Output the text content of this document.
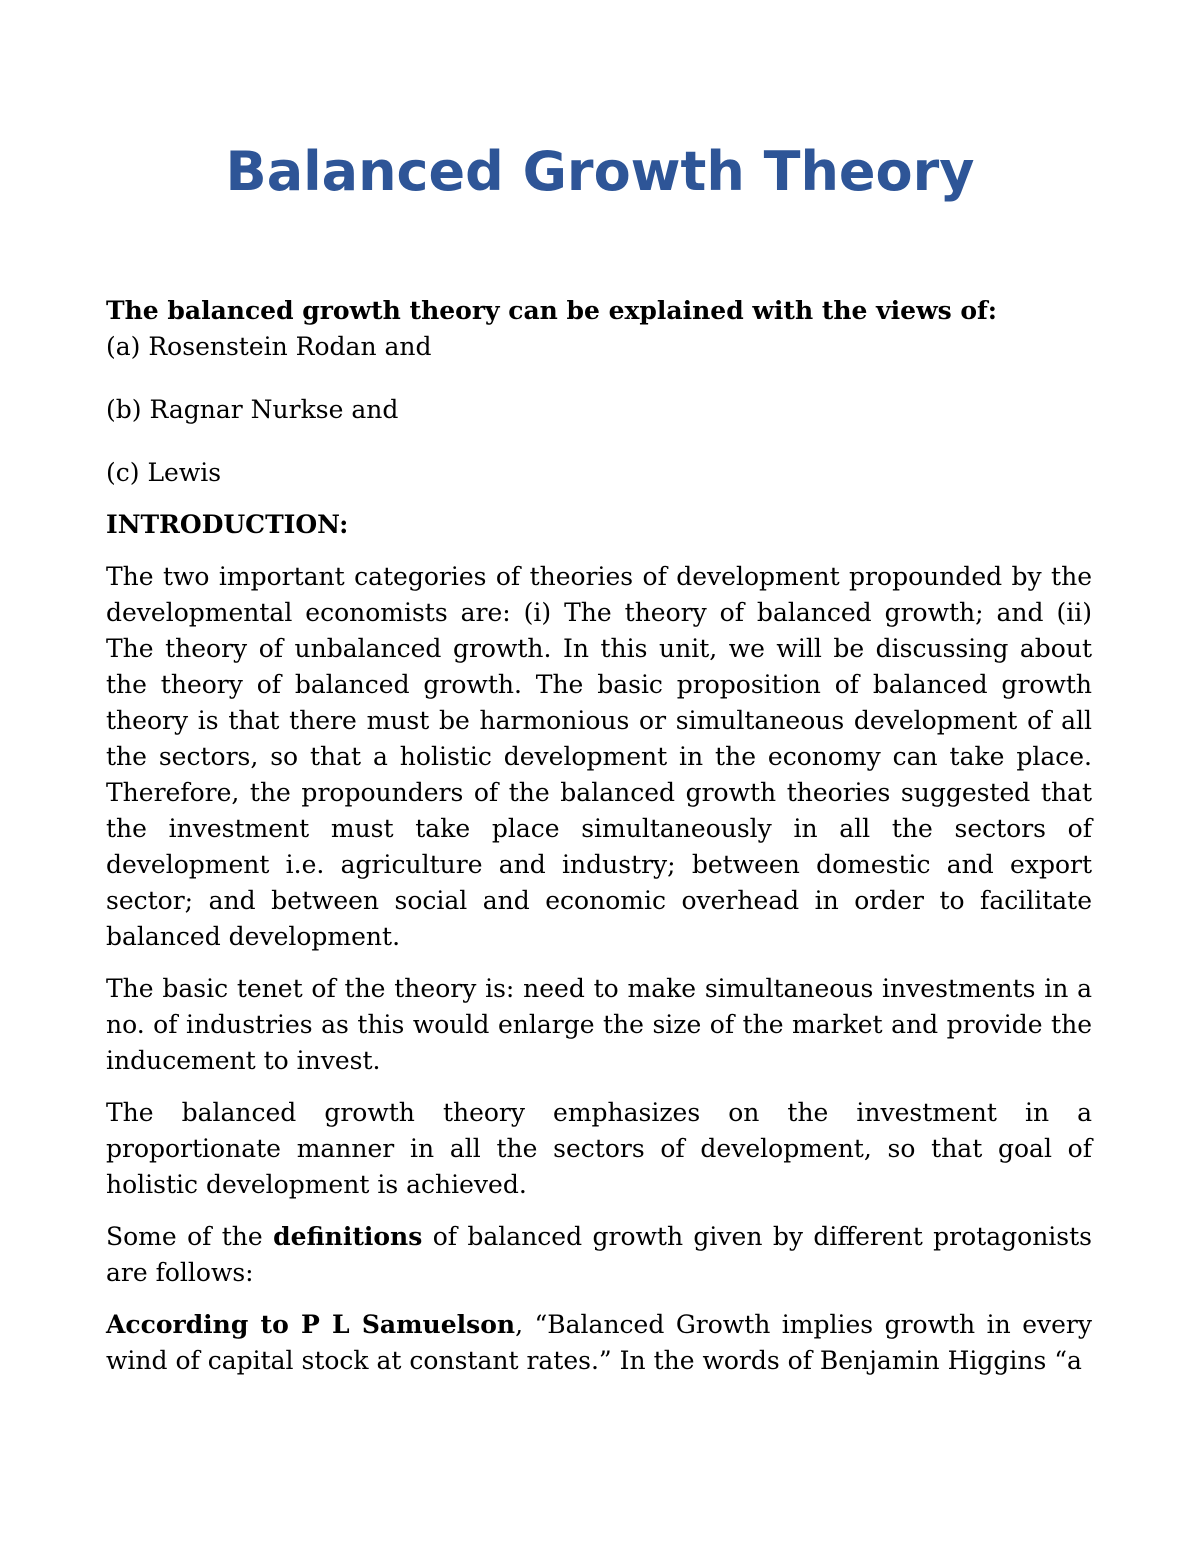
Balanced Growth Theory

The balanced growth theory can be explained with the views of:

(a) Rosenstein Rodan and

(b) Ragnar Nurkse and

(c) Lewis

INTRODUCTION:

The two important categories of theories of development propounded by the developmental economists are: (i) The theory of balanced growth; and (ii) The theory of unbalanced growth. In this unit, we will be discussing about the theory of balanced growth. The basic proposition of balanced growth theory is that there must be harmonious or simultaneous development of all the sectors, so that a holistic development in the economy can take place. Therefore, the propounders of the balanced growth theories suggested that the investment must take place simultaneously in all the sectors of development i.e. agriculture and industry; between domestic and export sector; and between social and economic overhead in order to facilitate balanced development.

The basic tenet of the theory is: need to make simultaneous investments in a no. of industries as this would enlarge the size of the market and provide the inducement to invest.

The balanced growth theory emphasizes on the investment in a proportionate manner in all the sectors of development, so that goal of holistic development is achieved.

Some of the definitions of balanced growth given by different protagonists are follows:

According to P L Samuelson, “Balanced Growth implies growth in every wind of capital stock at constant rates.” In the words of Benjamin Higgins “a
